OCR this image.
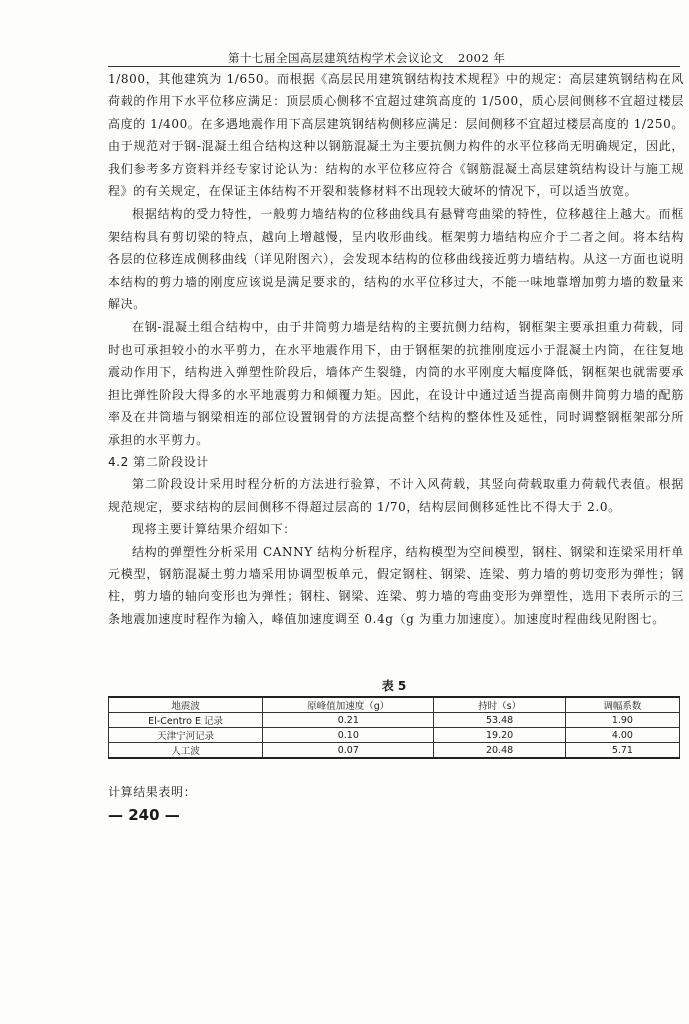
第十七届全国高层建筑结构学术会议论文 2002 年

1/800，其他建筑为 1/650。而根据《高层民用建筑钢结构技术规程》中的规定：高层建筑钢结构在风荷载的作用下水平位移应满足：顶层质心侧移不宜超过建筑高度的 1/500，质心层间侧移不宜超过楼层高度的 1/400。在多遇地震作用下高层建筑钢结构侧移应满足：层间侧移不宜超过楼层高度的 1/250。由于规范对于钢-混凝土组合结构这种以钢筋混凝土为主要抗侧力构件的水平位移尚无明确规定，因此，我们参考多方资料并经专家讨论认为：结构的水平位移应符合《钢筋混凝土高层建筑结构设计与施工规程》的有关规定，在保证主体结构不开裂和装修材料不出现较大破坏的情况下，可以适当放宽。

根据结构的受力特性，一般剪力墙结构的位移曲线具有悬臂弯曲梁的特性，位移越往上越大。而框架结构具有剪切梁的特点，越向上增越慢，呈内收形曲线。框架剪力墙结构应介于二者之间。将本结构各层的位移连成侧移曲线（详见附图六），会发现本结构的位移曲线接近剪力墙结构。从这一方面也说明本结构的剪力墙的刚度应该说是满足要求的，结构的水平位移过大，不能一味地靠增加剪力墙的数量来解决。

在钢-混凝土组合结构中，由于井筒剪力墙是结构的主要抗侧力结构，钢框架主要承担重力荷载，同时也可承担较小的水平剪力，在水平地震作用下，由于钢框架的抗推刚度远小于混凝土内筒，在往复地震动作用下，结构进入弹塑性阶段后，墙体产生裂缝，内筒的水平刚度大幅度降低，钢框架也就需要承担比弹性阶段大得多的水平地震剪力和倾覆力矩。因此，在设计中通过适当提高南侧井筒剪力墙的配筋率及在井筒墙与钢梁相连的部位设置钢骨的方法提高整个结构的整体性及延性，同时调整钢框架部分所承担的水平剪力。

4.2 第二阶段设计

第二阶段设计采用时程分析的方法进行验算，不计入风荷载，其竖向荷载取重力荷载代表值。根据规范规定，要求结构的层间侧移不得超过层高的 1/70，结构层间侧移延性比不得大于 2.0。

现将主要计算结果介绍如下：

结构的弹塑性分析采用 CANNY 结构分析程序，结构模型为空间模型，钢柱、钢梁和连梁采用杆单元模型，钢筋混凝土剪力墙采用协调型板单元，假定钢柱、钢梁、连梁、剪力墙的剪切变形为弹性；钢柱，剪力墙的轴向变形也为弹性；钢柱、钢梁、连梁、剪力墙的弯曲变形为弹塑性，选用下表所示的三条地震加速度时程作为输入，峰值加速度调至 0.4g（g 为重力加速度）。加速度时程曲线见附图七。

表 5
地震波	原峰值加速度（g）	持时（s）	调幅系数
El-Centro E 记录	0.21	53.48	1.90
天津宁河记录	0.10	19.20	4.00
人工波	0.07	20.48	5.71
计算结果表明：
— 240 —
